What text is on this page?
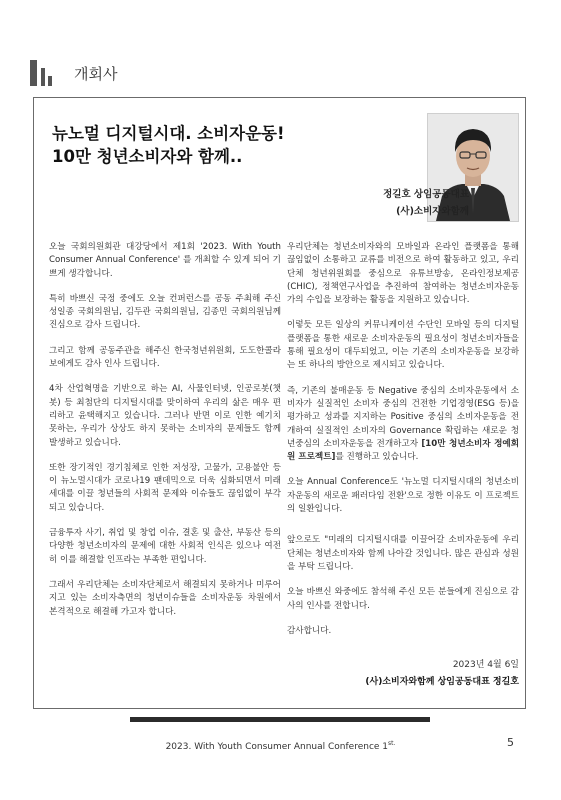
개회사
뉴노멀 디지털시대. 소비자운동!
10만 청년소비자와 함께..
정길호 상임공동대표
(사)소비자와함께

오늘 국회의원회관 대강당에서 제1회 '2023. With Youth Consumer Annual Conference' 를 개최할 수 있게 되어 기쁘게 생각합니다.

특히 바쁘신 국정 중에도 오늘 컨퍼런스를 공동 주최해 주신 성일종 국회의원님, 김두관 국회의원님, 김종민 국회의원님께 진심으로 감사 드립니다.

그리고 함께 공동주관을 해주신 한국청년위원회, 도도한콜라보에게도 감사 인사 드립니다.

4차 산업혁명을 기반으로 하는 AI, 사물인터넷, 인공로봇(챗봇) 등 최첨단의 디지털시대를 맞이하여 우리의 삶은 매우 편리하고 윤택해지고 있습니다. 그러나 반면 이로 인한 예기치 못하는, 우리가 상상도 하지 못하는 소비자의 문제들도 함께 발생하고 있습니다.

또한 장기적인 경기침체로 인한 저성장, 고물가, 고용불안 등이 뉴노멀시대가 코로나19 팬데믹으로 더욱 심화되면서 미래세대를 이끌 청년들의 사회적 문제와 이슈들도 끊임없이 부각되고 있습니다.

금융투자 사기, 취업 및 창업 이슈, 결혼 및 출산, 부동산 등의 다양한 청년소비자의 문제에 대한 사회적 인식은 있으나 여전히 이를 해결할 인프라는 부족한 편입니다.

그래서 우리단체는 소비자단체로서 해결되지 못하거나 미루어지고 있는 소비자측면의 청년이슈들을 소비자운동 차원에서 본격적으로 해결해 가고자 합니다.

우리단체는 청년소비자와의 모바일과 온라인 플랫폼을 통해 끊임없이 소통하고 교류를 비전으로 하여 활동하고 있고, 우리단체 청년위원회를 중심으로 유튜브방송, 온라인정보제공(CHIC), 정책연구사업을 추진하여 참여하는 청년소비자운동가의 수입을 보장하는 활동을 지원하고 있습니다.

이렇듯 모든 일상의 커뮤니케이션 수단인 모바일 등의 디지털플랫폼을 통한 새로운 소비자운동의 필요성이 청년소비자들을 통해 필요성이 대두되었고, 이는 기존의 소비자운동을 보강하는 또 하나의 방안으로 제시되고 있습니다.

즉, 기존의 불매운동 등 Negative 중심의 소비자운동에서 소비자가 실질적인 소비자 중심의 건전한 기업경영(ESG 등)을 평가하고 성과를 지지하는 Positive 중심의 소비자운동을 전개하여 실질적인 소비자의 Governance 확립하는 새로운 청년중심의 소비자운동을 전개하고자 [10만 청년소비자 정예회원 프로젝트]를 진행하고 있습니다.

오늘 Annual Conference도 '뉴노멀 디지털시대의 청년소비자운동의 새로운 패러다임 전환'으로 정한 이유도 이 프로젝트의 일환입니다.

앞으로도 "미래의 디지털시대를 이끌어갈 소비자운동에 우리 단체는 청년소비자와 함께 나아갈 것입니다. 많은 관심과 성원을 부탁 드립니다.

오늘 바쁘신 와중에도 참석해 주신 모든 분들에게 진심으로 감사의 인사를 전합니다.

감사합니다.

2023년 4월 6일
(사)소비자와함께 상임공동대표 정길호
2023. With Youth Consumer Annual Conference $1^{st.}$	5
